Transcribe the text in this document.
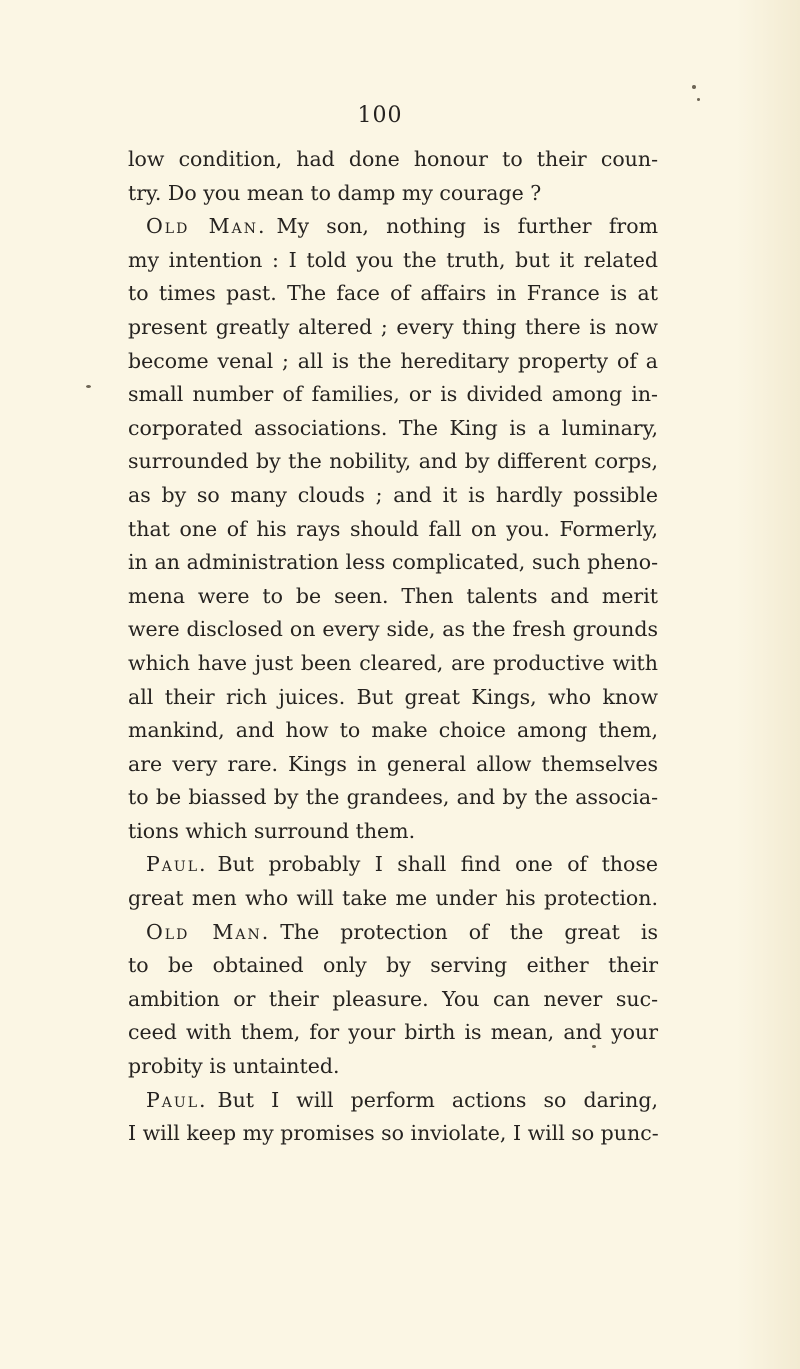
100
low condition, had done honour to their coun-
try. Do you mean to damp my courage ?
Old Man. My son, nothing is further from
my intention : I told you the truth, but it related
to times past. The face of affairs in France is at
present greatly altered ; every thing there is now
become venal ; all is the hereditary property of a
small number of families, or is divided among in-
corporated associations. The King is a luminary,
surrounded by the nobility, and by different corps,
as by so many clouds ; and it is hardly possible
that one of his rays should fall on you. Formerly,
in an administration less complicated, such pheno-
mena were to be seen. Then talents and merit
were disclosed on every side, as the fresh grounds
which have just been cleared, are productive with
all their rich juices. But great Kings, who know
mankind, and how to make choice among them,
are very rare. Kings in general allow themselves
to be biassed by the grandees, and by the associa-
tions which surround them.
Paul. But probably I shall find one of those
great men who will take me under his protection.
Old Man. The protection of the great is
to be obtained only by serving either their
ambition or their pleasure. You can never suc-
ceed with them, for your birth is mean, and your
probity is untainted.
Paul. But I will perform actions so daring,
I will keep my promises so inviolate, I will so punc-
